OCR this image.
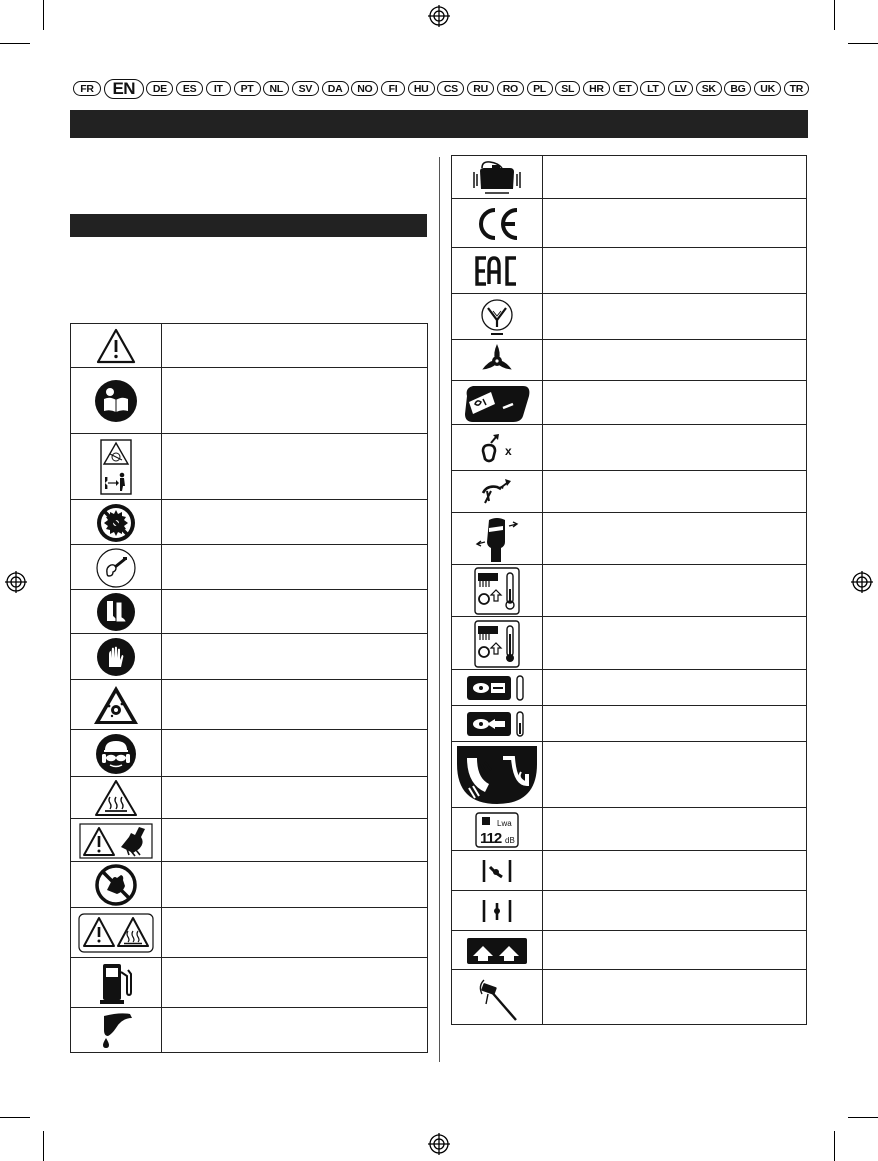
FR	EN	DE	ES	IT	PT	NL	SV	DA	NO	FI	HU	CS	RU	RO	PL	SL	HR	ET	LT	LV	SK	BG	UK	TR
x
Lwa
112 dB
